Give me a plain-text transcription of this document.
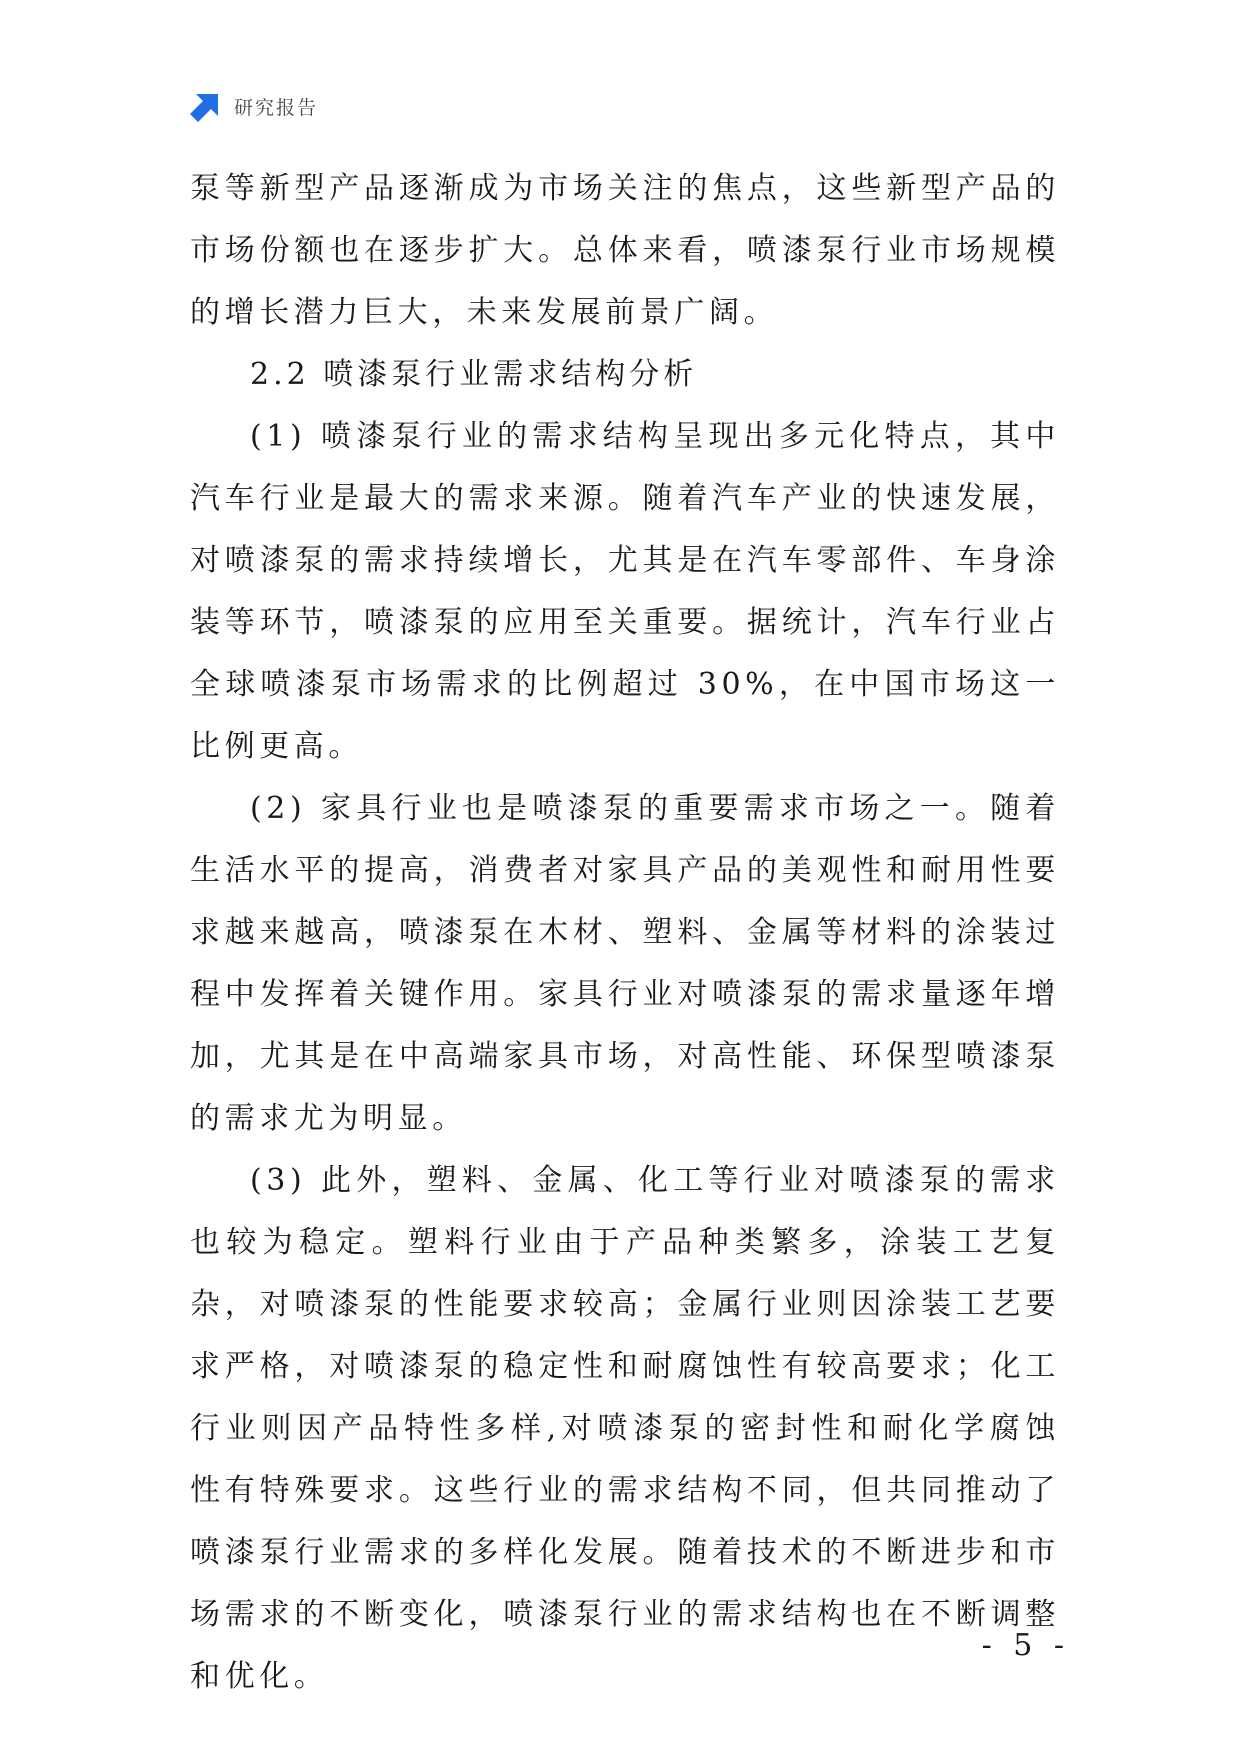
研究报告

泵等新型产品逐渐成为市场关注的焦点，这些新型产品的市场份额也在逐步扩大。总体来看，喷漆泵行业市场规模的增长潜力巨大，未来发展前景广阔。

2.2 喷漆泵行业需求结构分析

(1) 喷漆泵行业的需求结构呈现出多元化特点，其中汽车行业是最大的需求来源。随着汽车产业的快速发展，对喷漆泵的需求持续增长，尤其是在汽车零部件、车身涂装等环节，喷漆泵的应用至关重要。据统计，汽车行业占全球喷漆泵市场需求的比例超过 30%，在中国市场这一比例更高。

(2) 家具行业也是喷漆泵的重要需求市场之一。随着生活水平的提高，消费者对家具产品的美观性和耐用性要求越来越高，喷漆泵在木材、塑料、金属等材料的涂装过程中发挥着关键作用。家具行业对喷漆泵的需求量逐年增加，尤其是在中高端家具市场，对高性能、环保型喷漆泵的需求尤为明显。

(3) 此外，塑料、金属、化工等行业对喷漆泵的需求也较为稳定。塑料行业由于产品种类繁多，涂装工艺复杂，对喷漆泵的性能要求较高；金属行业则因涂装工艺要求严格，对喷漆泵的稳定性和耐腐蚀性有较高要求；化工行业则因产品特性多样,对喷漆泵的密封性和耐化学腐蚀性有特殊要求。这些行业的需求结构不同，但共同推动了喷漆泵行业需求的多样化发展。随着技术的不断进步和市场需求的不断变化，喷漆泵行业的需求结构也在不断调整和优化。

- 5 -
